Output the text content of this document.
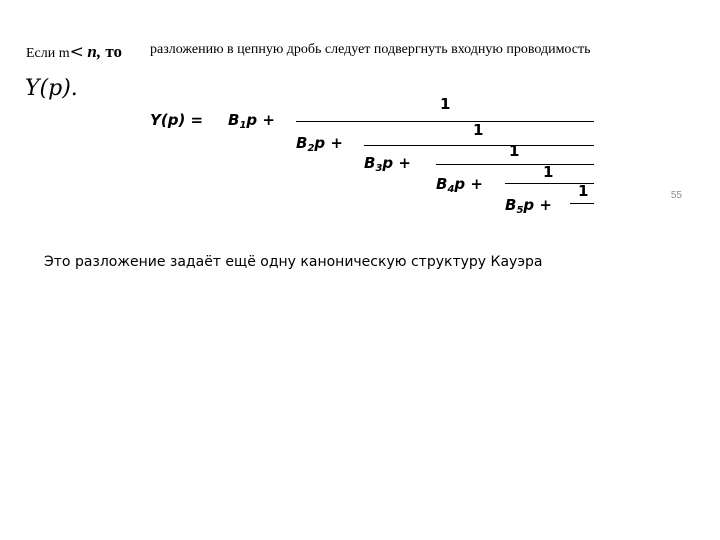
Если m< n, то разложению в цепную дробь следует подвергнуть входную проводимость
Y(p).
$Y(p) = B_1p$ +
1
$B_2p$ +
1
$B_3p$ +
1
$B_4p$ +
1
$B_5p$ +
1	55
Это разложение задаёт ещё одну каноническую структуру Кауэра
